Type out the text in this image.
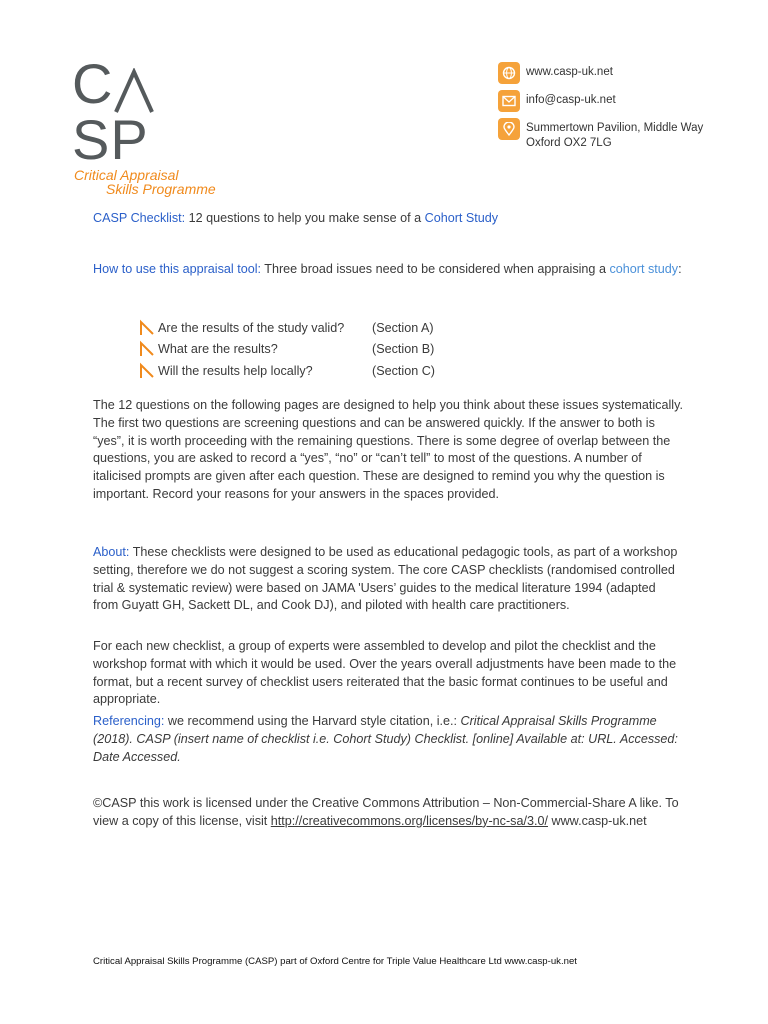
C
SP
Critical Appraisal
Skills Programme
www.casp-uk.net
info@casp-uk.net
Summertown Pavilion, Middle Way Oxford OX2 7LG
CASP Checklist: 12 questions to help you make sense of a Cohort Study
How to use this appraisal tool: Three broad issues need to be considered when appraising a cohort study:
Are the results of the study valid?	(Section A)
What are the results?	(Section B)
Will the results help locally?	(Section C)
The 12 questions on the following pages are designed to help you think about these issues systematically. The first two questions are screening questions and can be answered quickly. If the answer to both is “yes”, it is worth proceeding with the remaining questions. There is some degree of overlap between the questions, you are asked to record a “yes”, “no” or “can’t tell” to most of the questions. A number of italicised prompts are given after each question. These are designed to remind you why the question is important. Record your reasons for your answers in the spaces provided.
About: These checklists were designed to be used as educational pedagogic tools, as part of a workshop setting, therefore we do not suggest a scoring system. The core CASP checklists (randomised controlled trial & systematic review) were based on JAMA 'Users’ guides to the medical literature 1994 (adapted from Guyatt GH, Sackett DL, and Cook DJ), and piloted with health care practitioners.
For each new checklist, a group of experts were assembled to develop and pilot the checklist and the workshop format with which it would be used. Over the years overall adjustments have been made to the format, but a recent survey of checklist users reiterated that the basic format continues to be useful and appropriate.
Referencing: we recommend using the Harvard style citation, i.e.: Critical Appraisal Skills Programme (2018). CASP (insert name of checklist i.e. Cohort Study) Checklist. [online] Available at: URL. Accessed: Date Accessed.
©CASP this work is licensed under the Creative Commons Attribution – Non-Commercial-Share A like. To view a copy of this license, visit http://creativecommons.org/licenses/by-nc-sa/3.0/ www.casp-uk.net
Critical Appraisal Skills Programme (CASP) part of Oxford Centre for Triple Value Healthcare Ltd www.casp-uk.net
